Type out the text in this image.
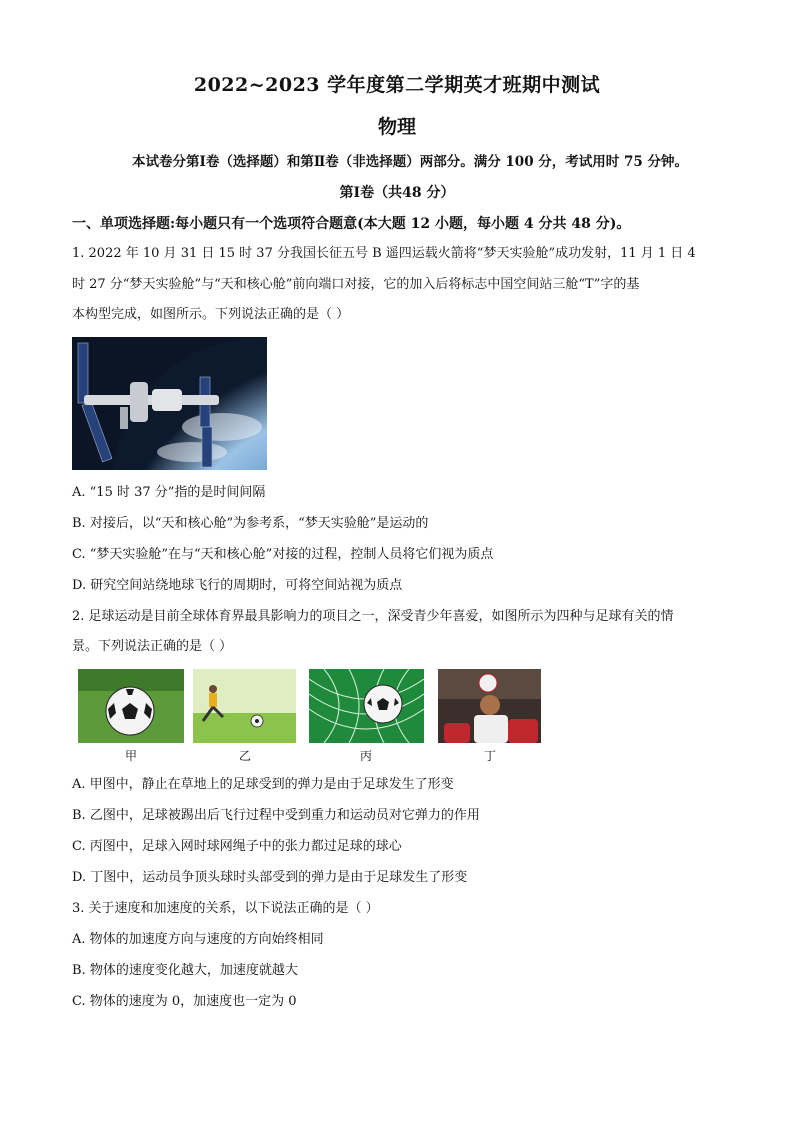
2022~2023 学年度第二学期英才班期中测试
物理
本试卷分第Ⅰ卷（选择题）和第Ⅱ卷（非选择题）两部分。满分 100 分，考试用时 75 分钟。
第Ⅰ卷（共48 分）
一、单项选择题:每小题只有一个选项符合题意(本大题 12 小题，每小题 4 分共 48 分)。
1. 2022 年 10 月 31 日 15 时 37 分我国长征五号 B 遥四运载火箭将“梦天实验舱”成功发射，11 月 1 日 4
时 27 分“梦天实验舱”与“天和核心舱”前向端口对接，它的加入后将标志中国空间站三舱“T”字的基
本构型完成，如图所示。下列说法正确的是（ ）
A. “15 时 37 分”指的是时间间隔
B. 对接后，以“天和核心舱”为参考系，“梦天实验舱”是运动的
C. “梦天实验舱”在与“天和核心舱”对接的过程，控制人员将它们视为质点
D. 研究空间站绕地球飞行的周期时，可将空间站视为质点
2. 足球运动是目前全球体育界最具影响力的项目之一，深受青少年喜爱，如图所示为四种与足球有关的情
景。下列说法正确的是（ ）
甲	乙	丙	丁
A. 甲图中，静止在草地上的足球受到的弹力是由于足球发生了形变
B. 乙图中，足球被踢出后飞行过程中受到重力和运动员对它弹力的作用
C. 丙图中，足球入网时球网绳子中的张力都过足球的球心
D. 丁图中，运动员争顶头球时头部受到的弹力是由于足球发生了形变
3. 关于速度和加速度的关系，以下说法正确的是（ ）
A. 物体的加速度方向与速度的方向始终相同
B. 物体的速度变化越大，加速度就越大
C. 物体的速度为 0，加速度也一定为 0
